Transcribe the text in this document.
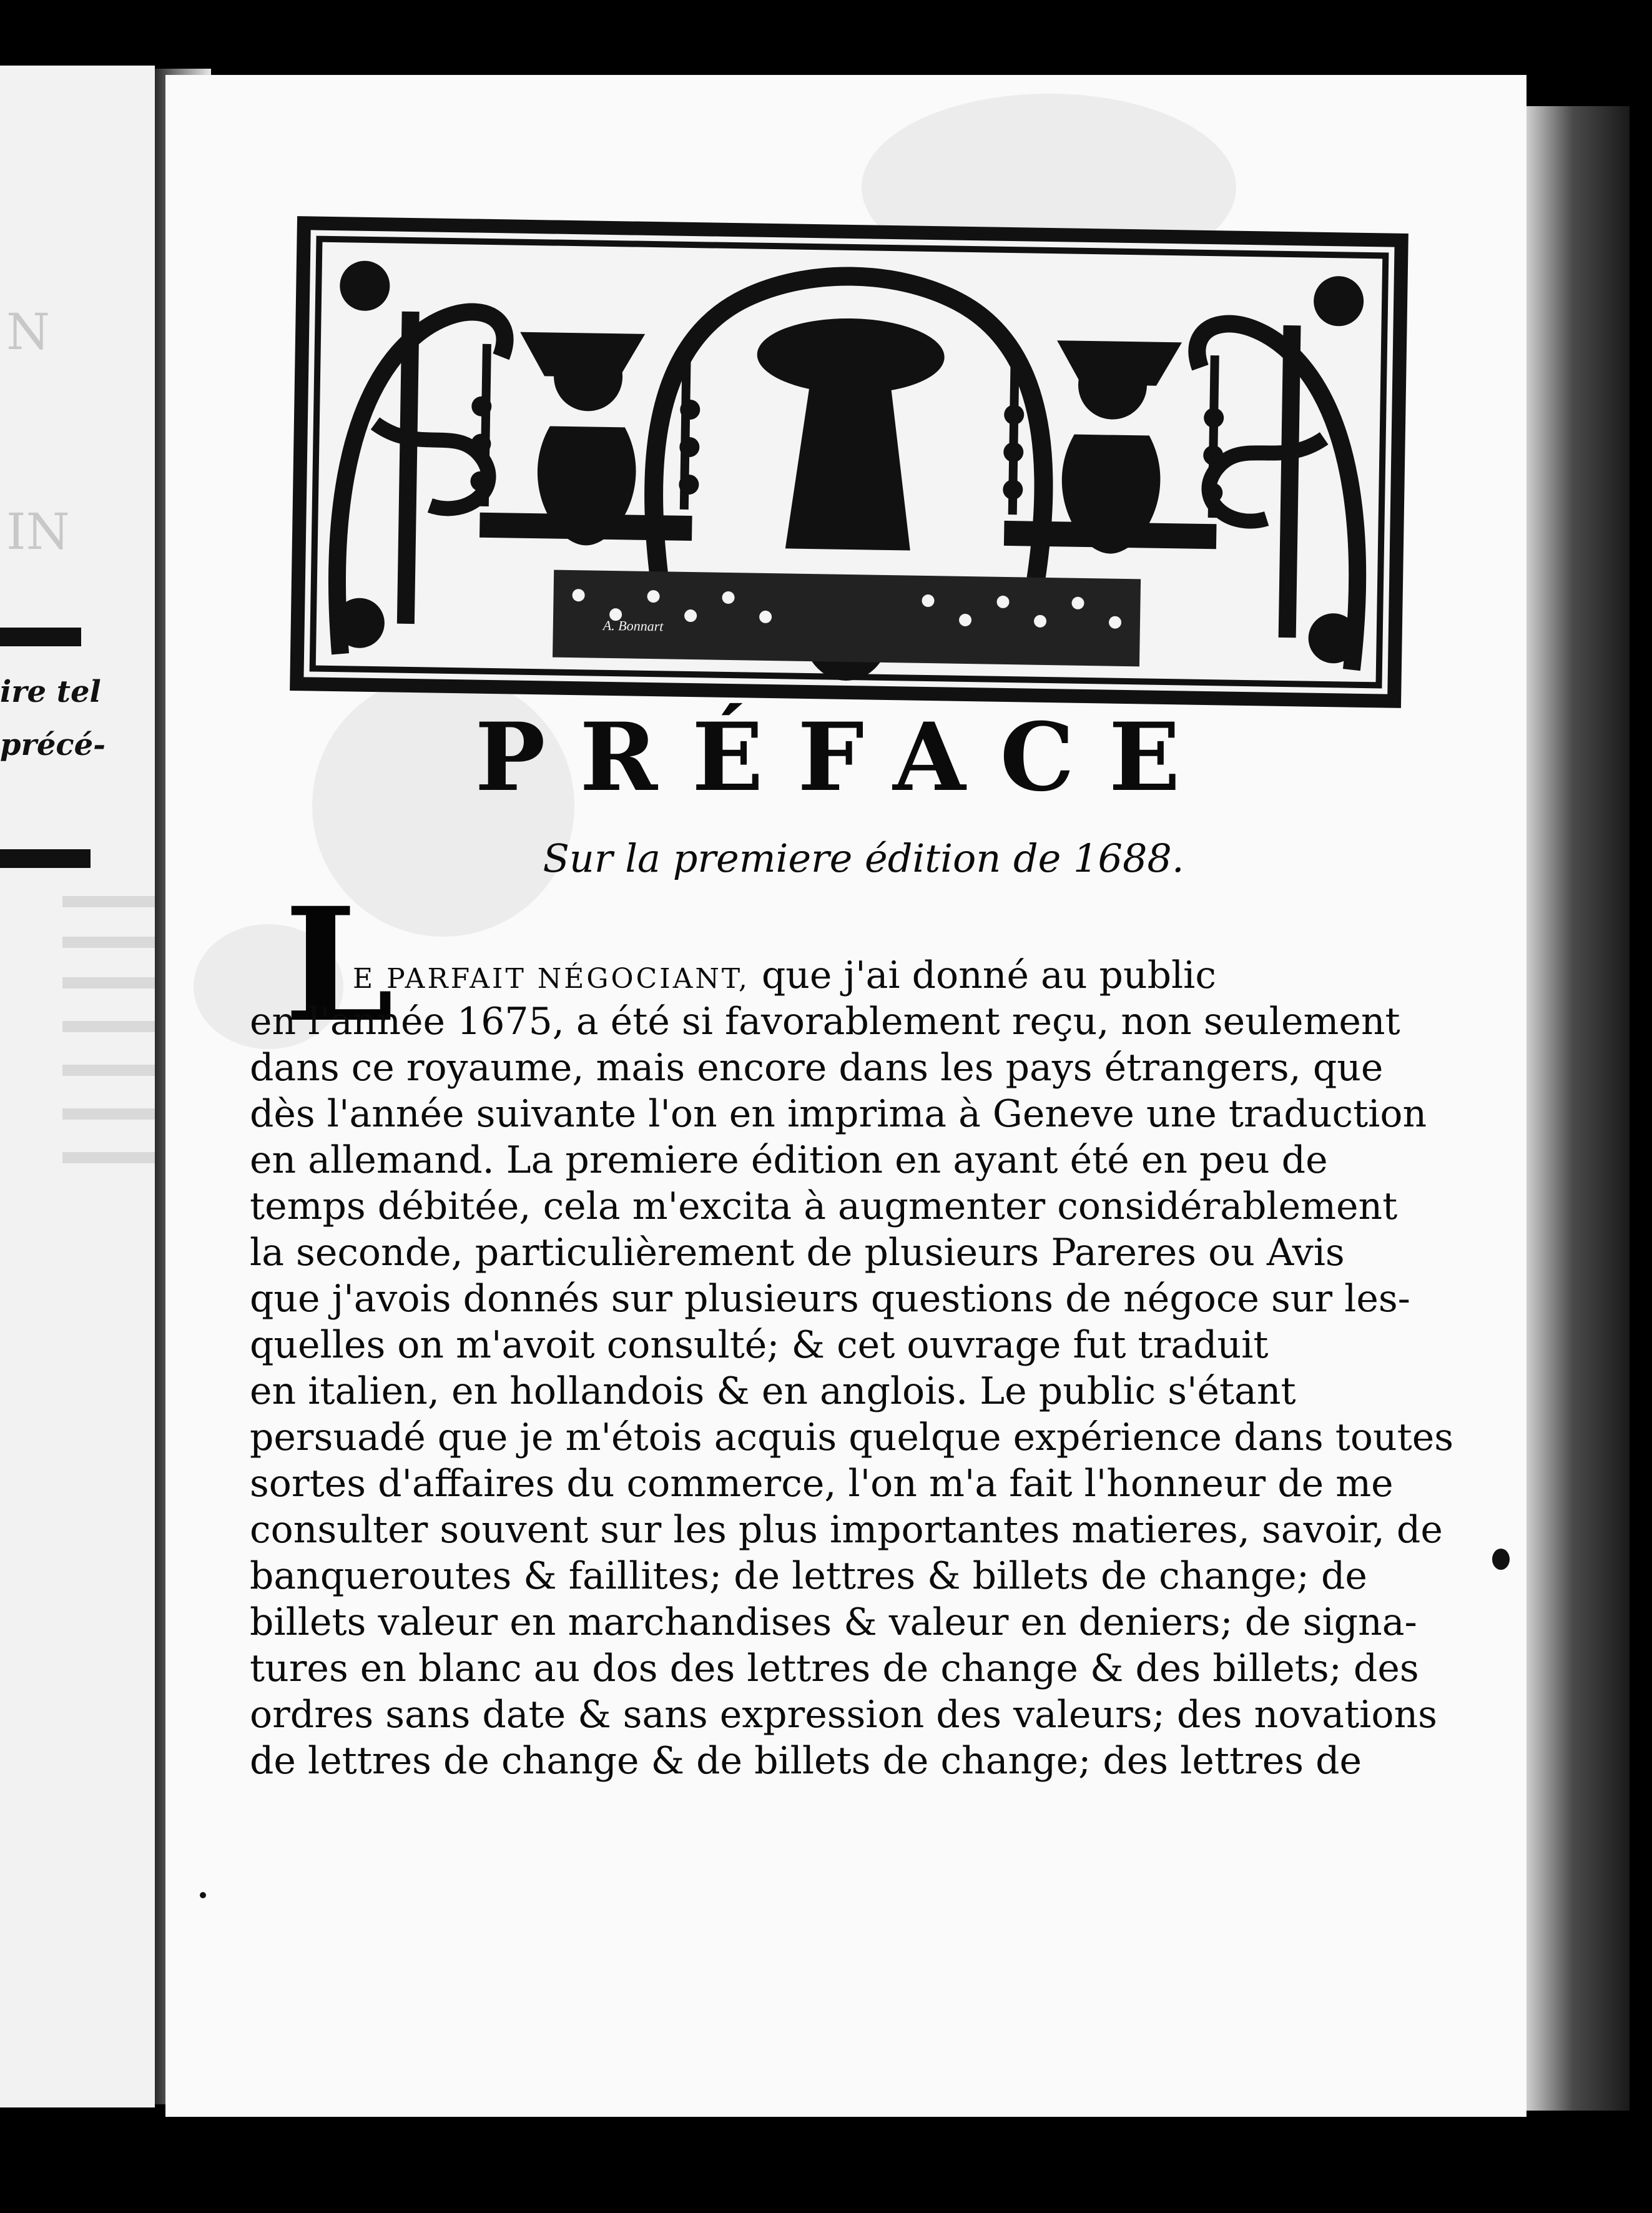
N
IN
ire tel
précé-
A. Bonnart
PRÉFACE
Sur la premiere édition de 1688.
L
E PARFAIT NÉGOCIANT, que j'ai donné au public
en l'année 1675, a été si favorablement reçu, non seulement
dans ce royaume, mais encore dans les pays étrangers, que
dès l'année suivante l'on en imprima à Geneve une traduction
en allemand. La premiere édition en ayant été en peu de
temps débitée, cela m'excita à augmenter considérablement
la seconde, particulièrement de plusieurs Pareres ou Avis
que j'avois donnés sur plusieurs questions de négoce sur les-
quelles on m'avoit consulté; & cet ouvrage fut traduit
en italien, en hollandois & en anglois. Le public s'étant
persuadé que je m'étois acquis quelque expérience dans toutes
sortes d'affaires du commerce, l'on m'a fait l'honneur de me
consulter souvent sur les plus importantes matieres, savoir, de
banqueroutes & faillites; de lettres & billets de change; de
billets valeur en marchandises & valeur en deniers; de signa-
tures en blanc au dos des lettres de change & des billets; des
ordres sans date & sans expression des valeurs; des novations
de lettres de change & de billets de change; des lettres de
